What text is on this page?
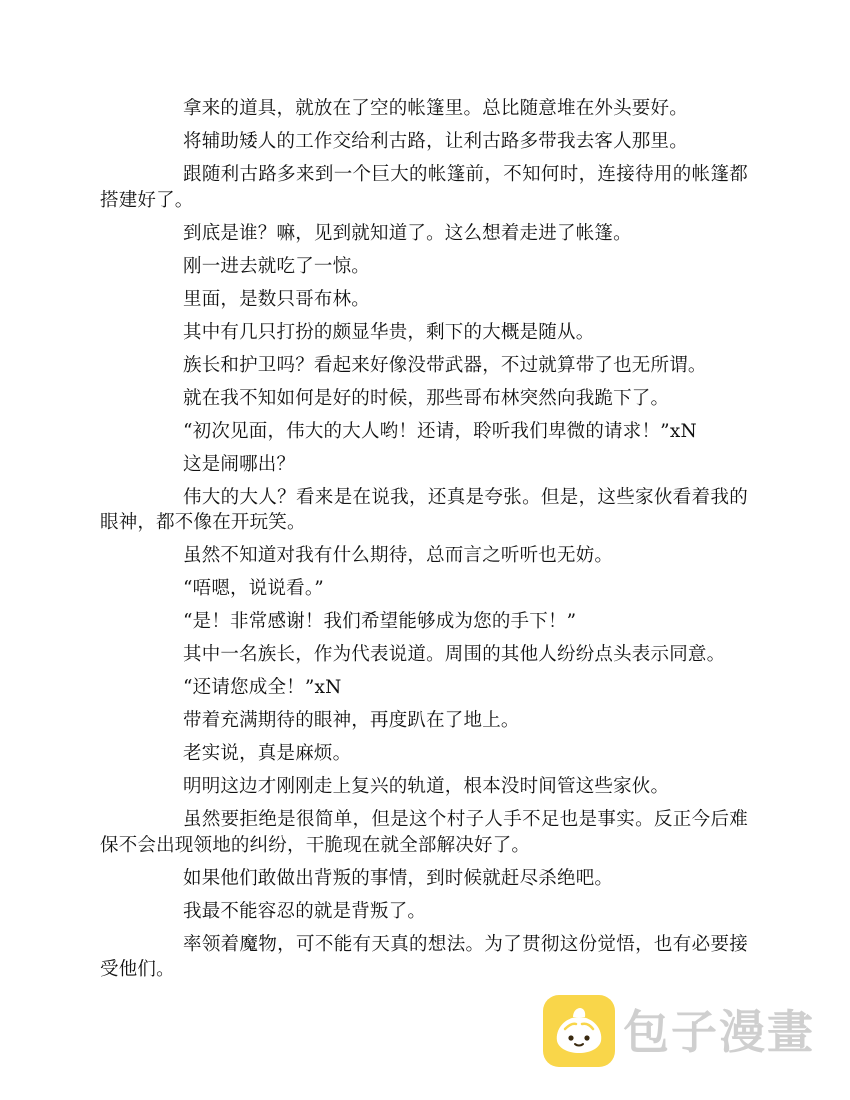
拿来的道具，就放在了空的帐篷里。总比随意堆在外头要好。

将辅助矮人的工作交给利古路，让利古路多带我去客人那里。

跟随利古路多来到一个巨大的帐篷前，不知何时，连接待用的帐篷都搭建好了。

到底是谁？嘛，见到就知道了。这么想着走进了帐篷。

刚一进去就吃了一惊。

里面，是数只哥布林。

其中有几只打扮的颇显华贵，剩下的大概是随从。

族长和护卫吗？看起来好像没带武器，不过就算带了也无所谓。

就在我不知如何是好的时候，那些哥布林突然向我跪下了。

“初次见面，伟大的大人哟！还请，聆听我们卑微的请求！”xN

这是闹哪出？

伟大的大人？看来是在说我，还真是夸张。但是，这些家伙看着我的眼神，都不像在开玩笑。

虽然不知道对我有什么期待，总而言之听听也无妨。

“唔嗯，说说看。”

“是！非常感谢！我们希望能够成为您的手下！”

其中一名族长，作为代表说道。周围的其他人纷纷点头表示同意。

“还请您成全！”xN

带着充满期待的眼神，再度趴在了地上。

老实说，真是麻烦。

明明这边才刚刚走上复兴的轨道，根本没时间管这些家伙。

虽然要拒绝是很简单，但是这个村子人手不足也是事实。反正今后难保不会出现领地的纠纷，干脆现在就全部解决好了。

如果他们敢做出背叛的事情，到时候就赶尽杀绝吧。

我最不能容忍的就是背叛了。

率领着魔物，可不能有天真的想法。为了贯彻这份觉悟，也有必要接受他们。

包子漫畫
